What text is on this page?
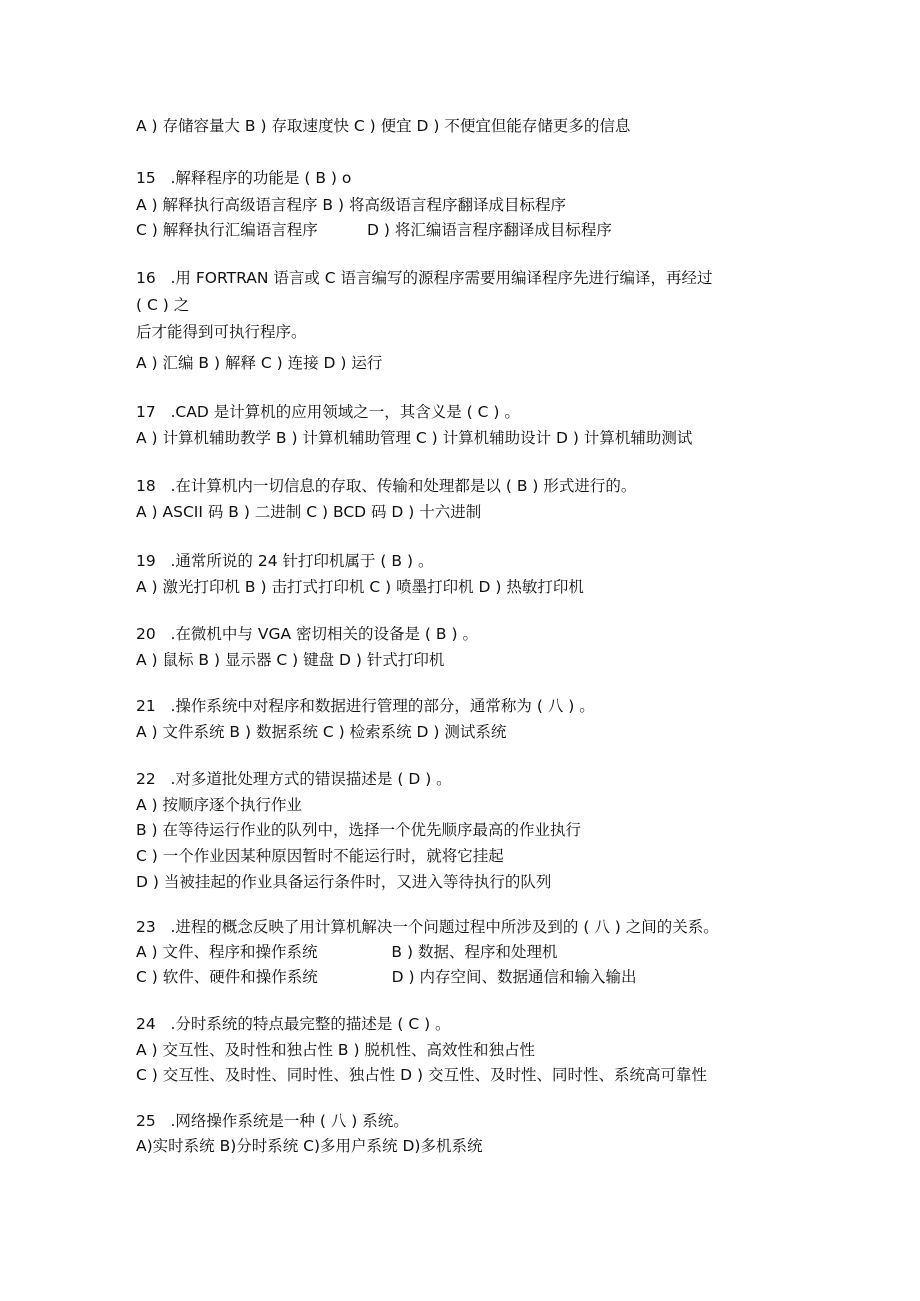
A ) 存储容量大 B ) 存取速度快 C ) 便宜 D ) 不便宜但能存储更多的信息
15   .解释程序的功能是 ( B ) o
A ) 解释执行高级语言程序 B ) 将高级语言程序翻译成目标程序
C ) 解释执行汇编语言程序          D ) 将汇编语言程序翻译成目标程序
16   .用 FORTRAN 语言或 C 语言编写的源程序需要用编译程序先进行编译，再经过
( C ) 之
后才能得到可执行程序。
A ) 汇编 B ) 解释 C ) 连接 D ) 运行
17   .CAD 是计算机的应用领域之一，其含义是 ( C ) 。
A ) 计算机辅助教学 B ) 计算机辅助管理 C ) 计算机辅助设计 D ) 计算机辅助测试
18   .在计算机内一切信息的存取、传输和处理都是以 ( B ) 形式进行的。
A ) ASCII 码 B ) 二进制 C ) BCD 码 D ) 十六进制
19   .通常所说的 24 针打印机属于 ( B ) 。
A ) 激光打印机 B ) 击打式打印机 C ) 喷墨打印机 D ) 热敏打印机
20   .在微机中与 VGA 密切相关的设备是 ( B ) 。
A ) 鼠标 B ) 显示器 C ) 键盘 D ) 针式打印机
21   .操作系统中对程序和数据进行管理的部分，通常称为 ( 八 ) 。
A ) 文件系统 B ) 数据系统 C ) 检索系统 D ) 测试系统
22   .对多道批处理方式的错误描述是 ( D ) 。
A ) 按顺序逐个执行作业
B ) 在等待运行作业的队列中，选择一个优先顺序最高的作业执行
C ) 一个作业因某种原因暂时不能运行时，就将它挂起
D ) 当被挂起的作业具备运行条件时，又进入等待执行的队列
23   .进程的概念反映了用计算机解决一个问题过程中所涉及到的 ( 八 ) 之间的关系。
A ) 文件、程序和操作系统               B ) 数据、程序和处理机
C ) 软件、硬件和操作系统               D ) 内存空间、数据通信和输入输出
24   .分时系统的特点最完整的描述是 ( C ) 。
A ) 交互性、及时性和独占性 B ) 脱机性、高效性和独占性
C ) 交互性、及时性、同时性、独占性 D ) 交互性、及时性、同时性、系统高可靠性
25   .网络操作系统是一种 ( 八 ) 系统。
A)实时系统 B)分时系统 C)多用户系统 D)多机系统
